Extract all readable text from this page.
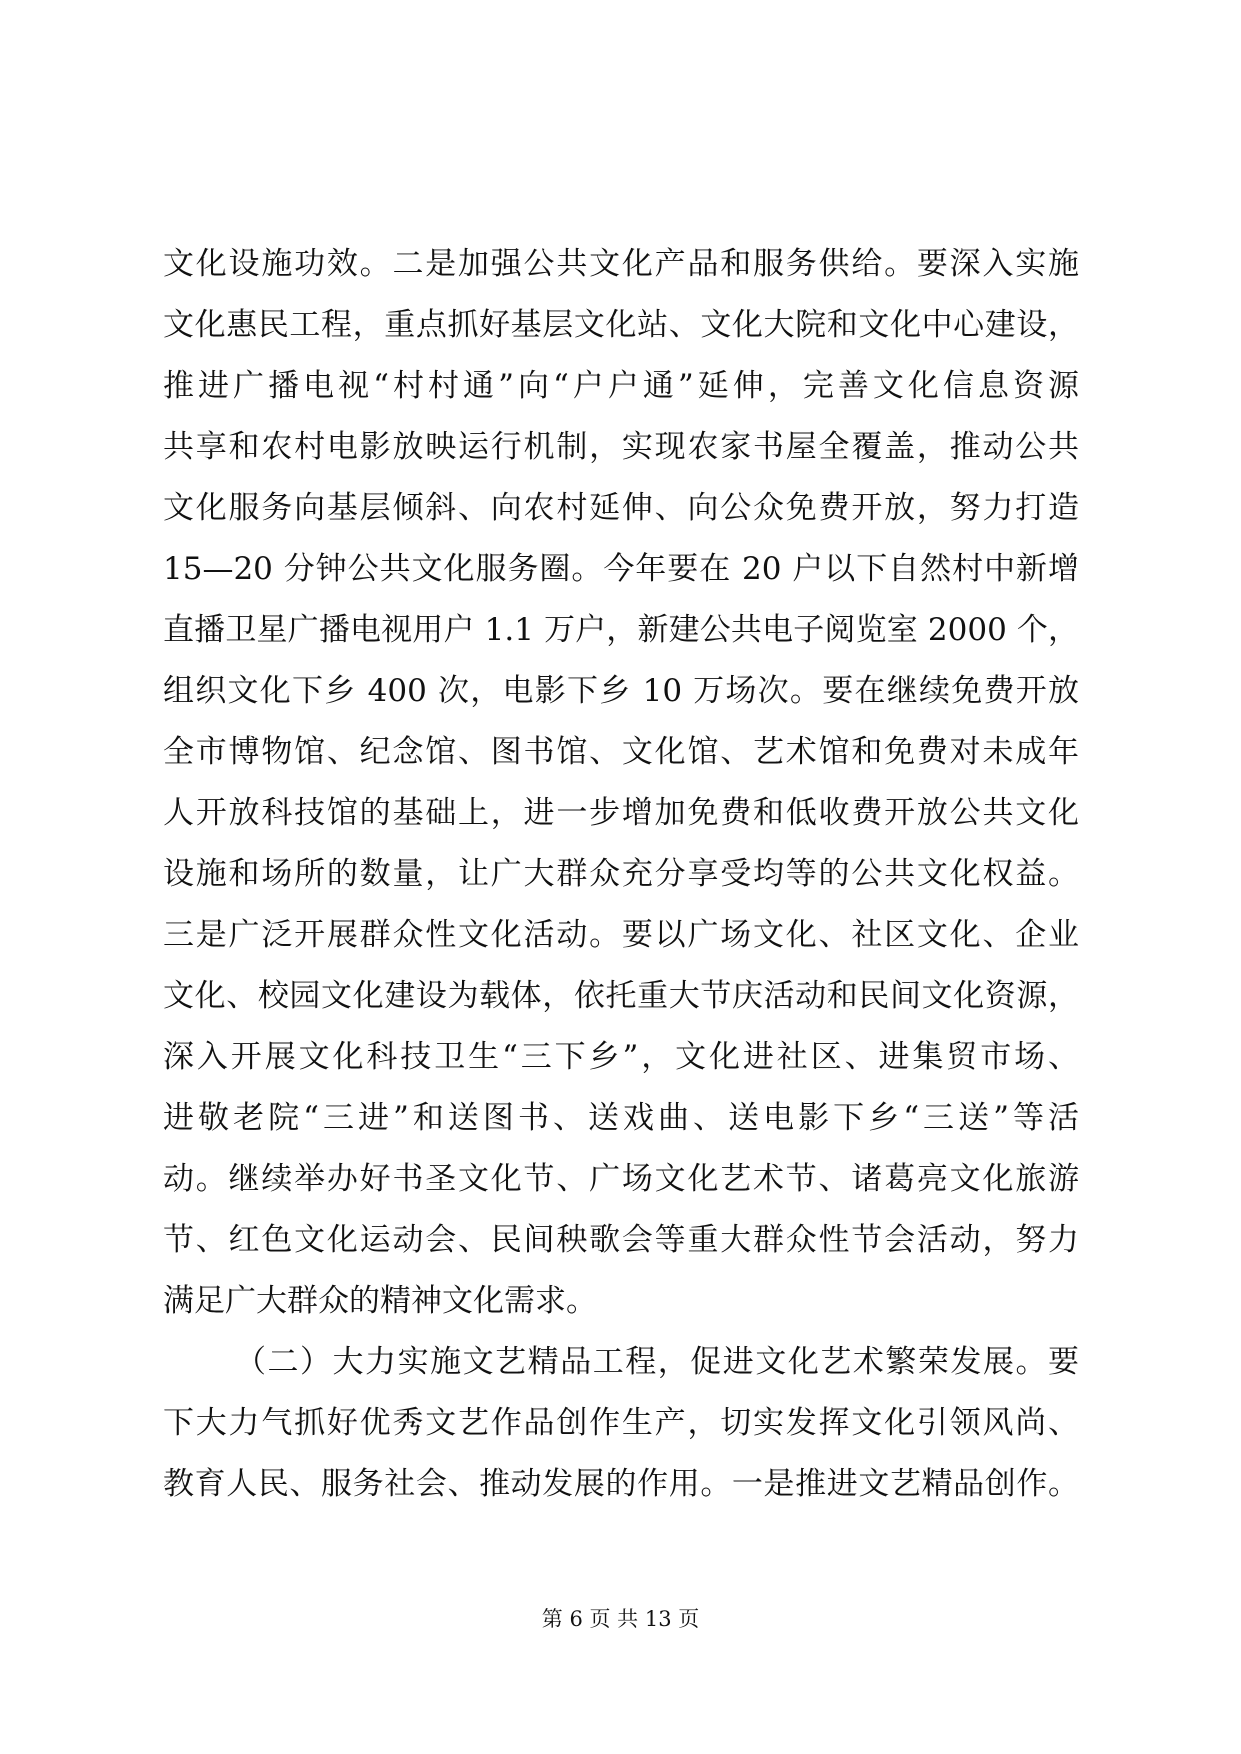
文化设施功效。二是加强公共文化产品和服务供给。要深入实施
文化惠民工程，重点抓好基层文化站、文化大院和文化中心建设，
推进广播电视“村村通”向“户户通”延伸，完善文化信息资源
共享和农村电影放映运行机制，实现农家书屋全覆盖，推动公共
文化服务向基层倾斜、向农村延伸、向公众免费开放，努力打造
15—20 分钟公共文化服务圈。今年要在 20 户以下自然村中新增
直播卫星广播电视用户 1.1 万户，新建公共电子阅览室 2000 个，
组织文化下乡 400 次，电影下乡 10 万场次。要在继续免费开放
全市博物馆、纪念馆、图书馆、文化馆、艺术馆和免费对未成年
人开放科技馆的基础上，进一步增加免费和低收费开放公共文化
设施和场所的数量，让广大群众充分享受均等的公共文化权益。
三是广泛开展群众性文化活动。要以广场文化、社区文化、企业
文化、校园文化建设为载体，依托重大节庆活动和民间文化资源，
深入开展文化科技卫生“三下乡”，文化进社区、进集贸市场、
进敬老院“三进”和送图书、送戏曲、送电影下乡“三送”等活
动。继续举办好书圣文化节、广场文化艺术节、诸葛亮文化旅游
节、红色文化运动会、民间秧歌会等重大群众性节会活动，努力
满足广大群众的精神文化需求。
（二）大力实施文艺精品工程，促进文化艺术繁荣发展。要
下大力气抓好优秀文艺作品创作生产，切实发挥文化引领风尚、
教育人民、服务社会、推动发展的作用。一是推进文艺精品创作。
第 6 页 共 13 页
